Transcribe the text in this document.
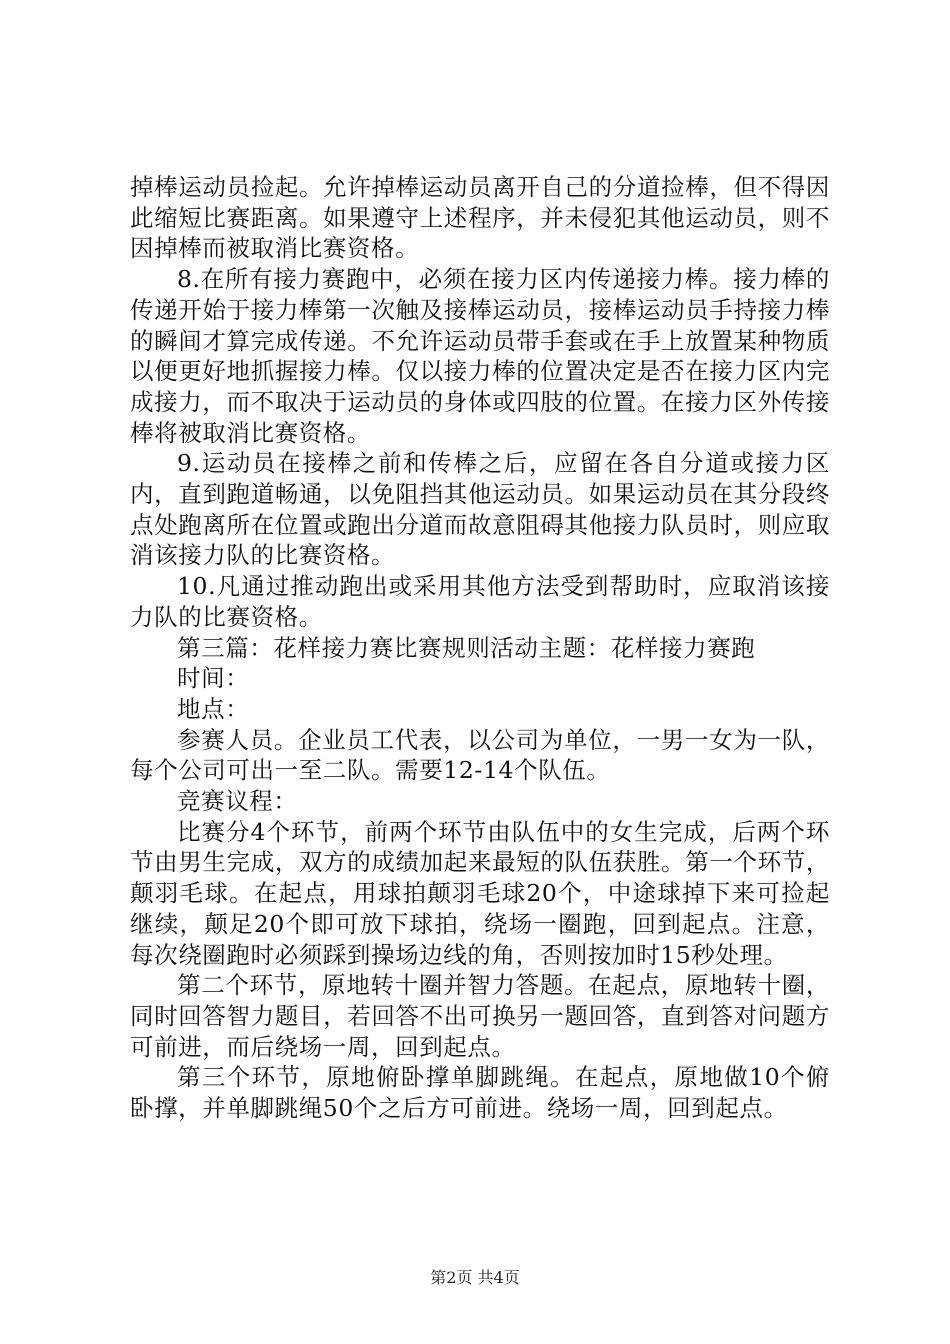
掉棒运动员捡起。允许掉棒运动员离开自己的分道捡棒，但不得因此缩短比赛距离。如果遵守上述程序，并未侵犯其他运动员，则不因掉棒而被取消比赛资格。

8.在所有接力赛跑中，必须在接力区内传递接力棒。接力棒的传递开始于接力棒第一次触及接棒运动员，接棒运动员手持接力棒的瞬间才算完成传递。不允许运动员带手套或在手上放置某种物质以便更好地抓握接力棒。仅以接力棒的位置决定是否在接力区内完成接力，而不取决于运动员的身体或四肢的位置。在接力区外传接棒将被取消比赛资格。

9.运动员在接棒之前和传棒之后，应留在各自分道或接力区内，直到跑道畅通，以免阻挡其他运动员。如果运动员在其分段终点处跑离所在位置或跑出分道而故意阻碍其他接力队员时，则应取消该接力队的比赛资格。

10.凡通过推动跑出或采用其他方法受到帮助时，应取消该接力队的比赛资格。

第三篇：花样接力赛比赛规则活动主题：花样接力赛跑

时间：

地点：

参赛人员。企业员工代表，以公司为单位，一男一女为一队，每个公司可出一至二队。需要12-14个队伍。

竞赛议程：

比赛分4个环节，前两个环节由队伍中的女生完成，后两个环节由男生完成，双方的成绩加起来最短的队伍获胜。第一个环节，颠羽毛球。在起点，用球拍颠羽毛球20个，中途球掉下来可捡起继续，颠足20个即可放下球拍，绕场一圈跑，回到起点。注意，每次绕圈跑时必须踩到操场边线的角，否则按加时15秒处理。

第二个环节，原地转十圈并智力答题。在起点，原地转十圈，同时回答智力题目，若回答不出可换另一题回答，直到答对问题方可前进，而后绕场一周，回到起点。

第三个环节，原地俯卧撑单脚跳绳。在起点，原地做10个俯卧撑，并单脚跳绳50个之后方可前进。绕场一周，回到起点。

第2页 共4页
